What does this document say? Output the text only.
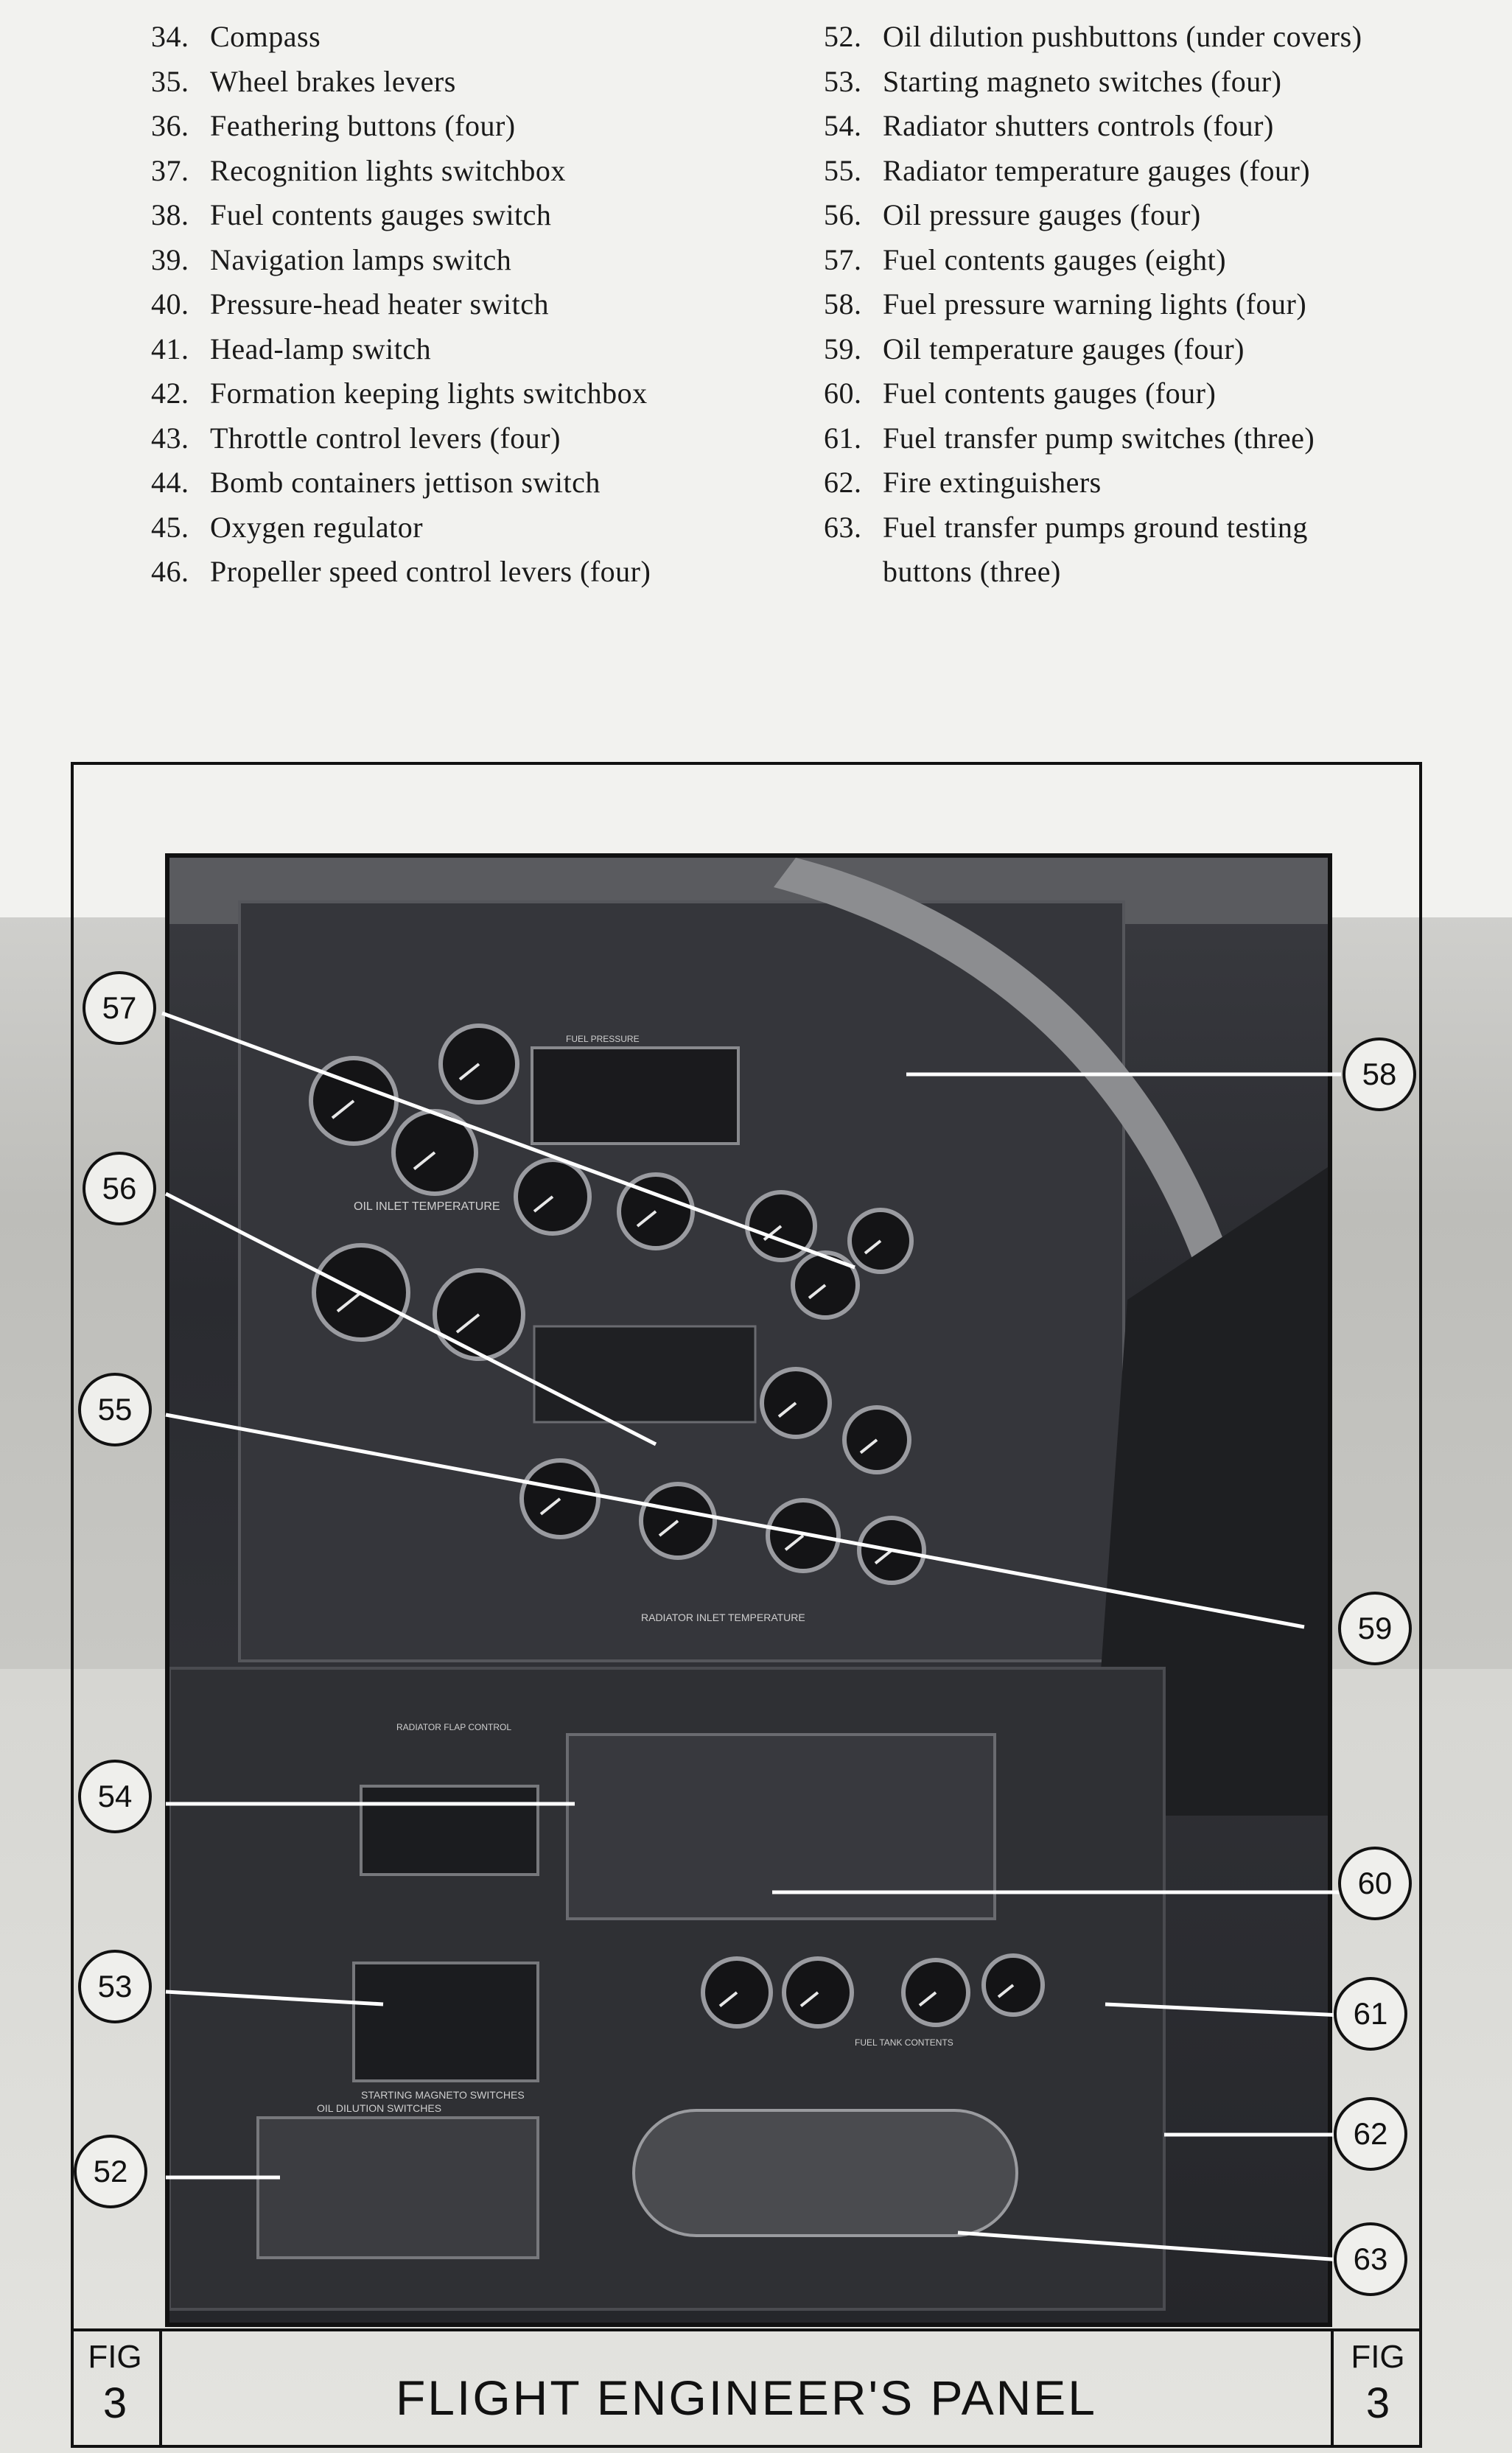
34. Compass
35. Wheel brakes levers
36. Feathering buttons (four)
37. Recognition lights switchbox
38. Fuel contents gauges switch
39. Navigation lamps switch
40. Pressure-head heater switch
41. Head-lamp switch
42. Formation keeping lights switchbox
43. Throttle control levers (four)
44. Bomb containers jettison switch
45. Oxygen regulator
46. Propeller speed control levers (four)
52. Oil dilution pushbuttons (under covers)
53. Starting magneto switches (four)
54. Radiator shutters controls (four)
55. Radiator temperature gauges (four)
56. Oil pressure gauges (four)
57. Fuel contents gauges (eight)
58. Fuel pressure warning lights (four)
59. Oil temperature gauges (four)
60. Fuel contents gauges (four)
61. Fuel transfer pump switches (three)
62. Fire extinguishers
63. Fuel transfer pumps ground testing
buttons (three)
OIL INLET TEMPERATURE
RADIATOR INLET TEMPERATURE
STARTING MAGNETO SWITCHES
OIL DILUTION SWITCHES
FUEL TANK CONTENTS
RADIATOR FLAP CONTROL
FUEL PRESSURE
57
56
55
54
53
52
58
59
60
61
62
63
FIG
3	FLIGHT ENGINEER'S PANEL
FIG
3
